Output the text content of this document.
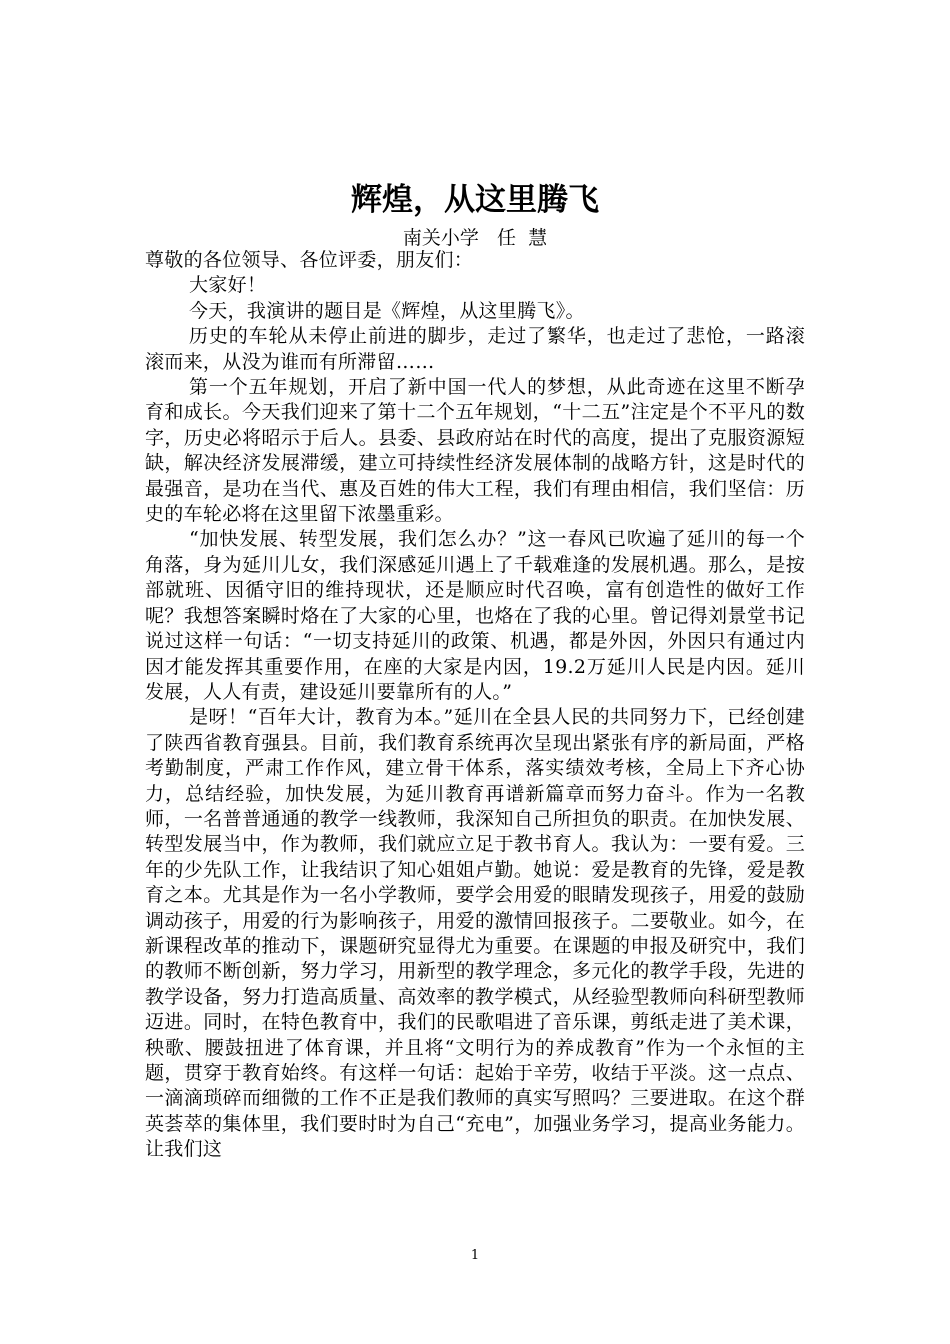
辉煌，从这里腾飞
南关小学   任  慧

尊敬的各位领导、各位评委，朋友们：

大家好！

今天，我演讲的题目是《辉煌，从这里腾飞》。

历史的车轮从未停止前进的脚步，走过了繁华，也走过了悲怆，一路滚滚而来，从没为谁而有所滞留……

第一个五年规划，开启了新中国一代人的梦想，从此奇迹在这里不断孕育和成长。今天我们迎来了第十二个五年规划，“十二五”注定是个不平凡的数字，历史必将昭示于后人。县委、县政府站在时代的高度，提出了克服资源短缺，解决经济发展滞缓，建立可持续性经济发展体制的战略方针，这是时代的最强音，是功在当代、惠及百姓的伟大工程，我们有理由相信，我们坚信：历史的车轮必将在这里留下浓墨重彩。

“加快发展、转型发展，我们怎么办？”这一春风已吹遍了延川的每一个角落，身为延川儿女，我们深感延川遇上了千载难逢的发展机遇。那么，是按部就班、因循守旧的维持现状，还是顺应时代召唤，富有创造性的做好工作呢？我想答案瞬时烙在了大家的心里，也烙在了我的心里。曾记得刘景堂书记说过这样一句话：“一切支持延川的政策、机遇，都是外因，外因只有通过内因才能发挥其重要作用，在座的大家是内因，19.2万延川人民是内因。延川发展，人人有责，建设延川要靠所有的人。”

是呀！“百年大计，教育为本。”延川在全县人民的共同努力下，已经创建了陕西省教育强县。目前，我们教育系统再次呈现出紧张有序的新局面，严格考勤制度，严肃工作作风，建立骨干体系，落实绩效考核，全局上下齐心协力，总结经验，加快发展，为延川教育再谱新篇章而努力奋斗。作为一名教师，一名普普通通的教学一线教师，我深知自己所担负的职责。在加快发展、转型发展当中，作为教师，我们就应立足于教书育人。我认为：一要有爱。三年的少先队工作，让我结识了知心姐姐卢勤。她说：爱是教育的先锋，爱是教育之本。尤其是作为一名小学教师，要学会用爱的眼睛发现孩子，用爱的鼓励调动孩子，用爱的行为影响孩子，用爱的激情回报孩子。二要敬业。如今，在新课程改革的推动下，课题研究显得尤为重要。在课题的申报及研究中，我们的教师不断创新，努力学习，用新型的教学理念，多元化的教学手段，先进的教学设备，努力打造高质量、高效率的教学模式，从经验型教师向科研型教师迈进。同时，在特色教育中，我们的民歌唱进了音乐课，剪纸走进了美术课，秧歌、腰鼓扭进了体育课，并且将“文明行为的养成教育”作为一个永恒的主题，贯穿于教育始终。有这样一句话：起始于辛劳，收结于平淡。这一点点、一滴滴琐碎而细微的工作不正是我们教师的真实写照吗？三要进取。在这个群英荟萃的集体里，我们要时时为自己“充电”，加强业务学习，提高业务能力。让我们这

1
